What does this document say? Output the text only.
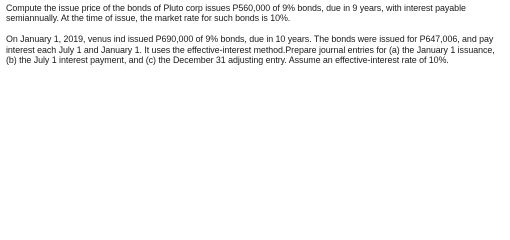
Compute the issue price of the bonds of Pluto corp issues P560,000 of 9% bonds, due in 9 years, with interest payable semiannually. At the time of issue, the market rate for such bonds is 10%.

On January 1, 2019, venus ind issued P690,000 of 9% bonds, due in 10 years. The bonds were issued for P647,006, and pay interest each July 1 and January 1. It uses the effective-interest method.Prepare journal entries for (a) the January 1 issuance, (b) the July 1 interest payment, and (c) the December 31 adjusting entry. Assume an effective-interest rate of 10%.
